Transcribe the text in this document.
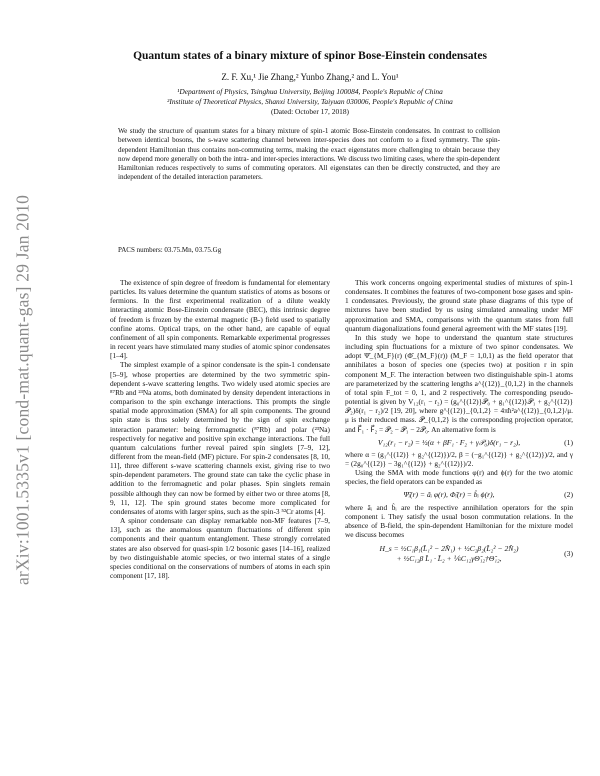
arXiv:1001.5335v1 [cond-mat.quant-gas] 29 Jan 2010
Quantum states of a binary mixture of spinor Bose-Einstein condensates
Z. F. Xu,¹ Jie Zhang,² Yunbo Zhang,² and L. You¹
¹Department of Physics, Tsinghua University, Beijing 100084, People's Republic of China
²Institute of Theoretical Physics, Shanxi University, Taiyuan 030006, People's Republic of China
(Dated: October 17, 2018)

We study the structure of quantum states for a binary mixture of spin-1 atomic Bose-Einstein condensates. In contrast to collision between identical bosons, the s-wave scattering channel between inter-species does not conform to a fixed symmetry. The spin-dependent Hamiltonian thus contains non-commuting terms, making the exact eigenstates more challenging to obtain because they now depend more generally on both the intra- and inter-species interactions. We discuss two limiting cases, where the spin-dependent Hamiltonian reduces respectively to sums of commuting operators. All eigenstates can then be directly constructed, and they are independent of the detailed interaction parameters.

PACS numbers: 03.75.Mn, 03.75.Gg

The existence of spin degree of freedom is fundamental for elementary particles. Its values determine the quantum statistics of atoms as bosons or fermions. In the first experimental realization of a dilute weakly interacting atomic Bose-Einstein condensate (BEC), this intrinsic degree of freedom is frozen by the external magnetic (B-) field used to spatially confine atoms. Optical traps, on the other hand, are capable of equal confinement of all spin components. Remarkable experimental progresses in recent years have stimulated many studies of atomic spinor condensates [1–4].

The simplest example of a spinor condensate is the spin-1 condensate [5–9], whose properties are determined by the two symmetric spin-dependent s-wave scattering lengths. Two widely used atomic species are ⁸⁷Rb and ²³Na atoms, both dominated by density dependent interactions in comparison to the spin exchange interactions. This prompts the single spatial mode approximation (SMA) for all spin components. The ground spin state is thus solely determined by the sign of spin exchange interaction parameter: being ferromagnetic (⁸⁷Rb) and polar (²³Na) respectively for negative and positive spin exchange interactions. The full quantum calculations further reveal paired spin singlets [7–9, 12], different from the mean-field (MF) picture. For spin-2 condensates [8, 10, 11], three different s-wave scattering channels exist, giving rise to two spin-dependent parameters. The ground state can take the cyclic phase in addition to the ferromagnetic and polar phases. Spin singlets remain possible although they can now be formed by either two or three atoms [8, 9, 11, 12]. The spin ground states become more complicated for condensates of atoms with larger spins, such as the spin-3 ⁵²Cr atoms [4].

A spinor condensate can display remarkable non-MF features [7–9, 13], such as the anomalous quantum fluctuations of different spin components and their quantum entanglement. These strongly correlated states are also observed for quasi-spin 1/2 bosonic gases [14–16], realized by two distinguishable atomic species, or two internal states of a single species conditional on the conservations of numbers of atoms in each spin component [17, 18].

This work concerns ongoing experimental studies of mixtures of spin-1 condensates. It combines the features of two-component bose gases and spin-1 condensates. Previously, the ground state phase diagrams of this type of mixtures have been studied by us using simulated annealing under MF approximation and SMA, comparisons with the quantum states from full quantum diagonalizations found general agreement with the MF states [19].

In this study we hope to understand the quantum state structures including spin fluctuations for a mixture of two spinor condensates. We adopt Ψ̂_{M_F}(r) (Φ̂_{M_F}(r)) (M_F = 1,0,1) as the field operator that annihilates a boson of species one (species two) at position r in spin component M_F. The interaction between two distinguishable spin-1 atoms are parameterized by the scattering lengths a^{(12)}_{0,1,2} in the channels of total spin F_tot = 0, 1, and 2 respectively. The corresponding pseudo-potential is given by V₁₂(r₁ − r₂) = (g₀^{(12)}𝒫₀ + g₁^{(12)}𝒫₁ + g₂^{(12)}𝒫₂)δ(r₁ − r₂)/2 [19, 20], where g^{(12)}_{0,1,2} = 4πħ²a^{(12)}_{0,1,2}/μ. μ is their reduced mass. 𝒫_{0,1,2} is the corresponding projection operator, and F⃗₁ · F⃗₂ = 𝒫₂ − 𝒫₁ − 2𝒫₀. An alternative form is

V₁₂(r₁ − r₂) = ½(α + βF₁ · F₂ + γ𝒫₀)δ(r₁ − r₂),	(1)

where α = (g₁^{(12)} + g₂^{(12)})/2, β = (−g₁^{(12)} + g₂^{(12)})/2, and γ = (2g₀^{(12)} − 3g₁^{(12)} + g₂^{(12)})/2.

Using the SMA with mode functions φ(r) and ϕ(r) for the two atomic species, the field operators can be expanded as

Ψ̂ᵢ(r) = âᵢ φ(r), Φ̂ᵢ(r) = b̂ᵢ ϕ(r),	(2)

where âᵢ and b̂ᵢ are the respective annihilation operators for the spin component i. They satisfy the usual boson commutation relations. In the absence of B-field, the spin-dependent Hamiltonian for the mixture model we discuss becomes

H_s = ½C₁β₁(L̂₁² − 2N̂₁) + ½C₂β₂(L̂₂² − 2N̂₂)
+ ½C₁₂β L̂₁ · L̂₂ + ⅙C₁₂γΘ̂₁₂†Θ̂₁₂,
(3)
